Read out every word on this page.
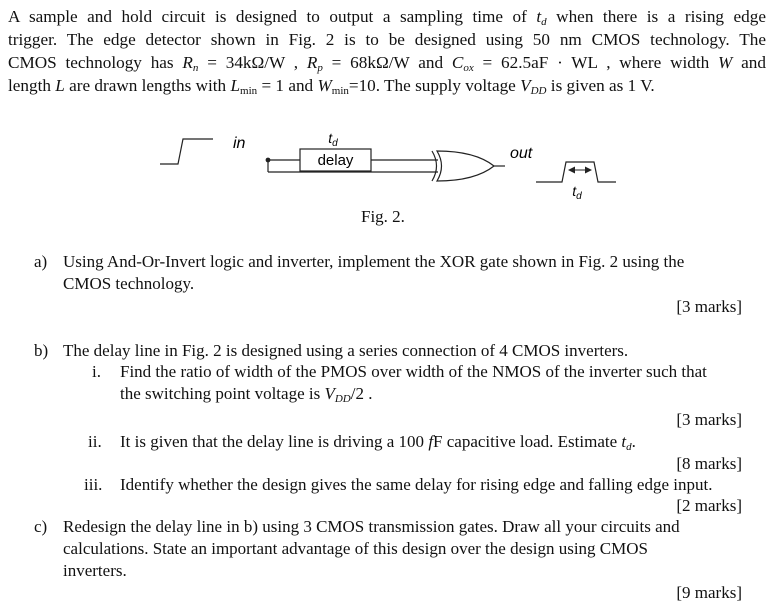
A sample and hold circuit is designed to output a sampling time of $t_d$ when there is a rising edge
trigger. The edge detector shown in Fig. 2 is to be designed using 50 nm CMOS technology. The
CMOS technology has $R_n = 34k\Omega/W$ , $R_p = 68k\Omega/W$ and $C_{ox} = 62.5aF$ · WL , where width W and
length L are drawn lengths with $L_{min} = 1$ and $W_{min}=10$. The supply voltage $V_{DD}$ is given as 1 V.
in
delay
$t_d$
out
$t_d$
Fig. 2.
a) Using And-Or-Invert logic and inverter, implement the XOR gate shown in Fig. 2 using the
CMOS technology.
[3 marks]
b) The delay line in Fig. 2 is designed using a series connection of 4 CMOS inverters.
i. Find the ratio of width of the PMOS over width of the NMOS of the inverter such that
the switching point voltage is $V_{DD}/2$ .
[3 marks]
ii. It is given that the delay line is driving a 100 fF capacitive load. Estimate $t_d$.
[8 marks]
iii. Identify whether the design gives the same delay for rising edge and falling edge input.
[2 marks]
c) Redesign the delay line in b) using 3 CMOS transmission gates. Draw all your circuits and
calculations. State an important advantage of this design over the design using CMOS
inverters.
[9 marks]
